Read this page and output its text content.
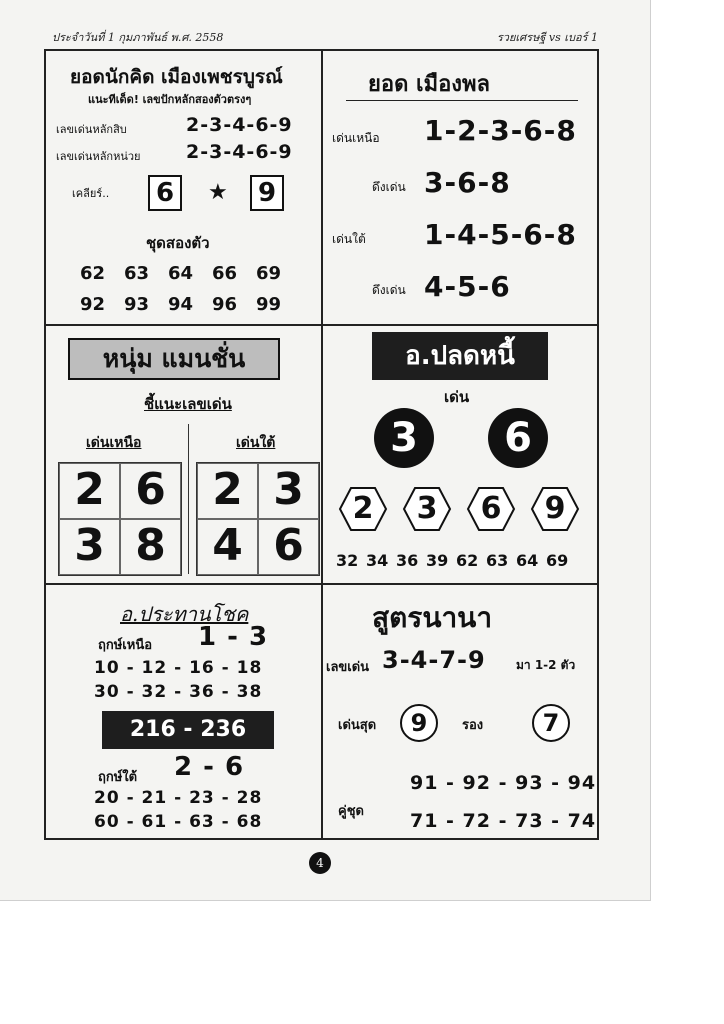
ประจำวันที่ 1 กุมภาพันธ์ พ.ศ. 2558	รวยเศรษฐี vs เบอร์ 1
ยอดนักคิด เมืองเพชรบูรณ์
แนะทีเด็ด! เลขปักหลักสองตัวตรงๆ
เลขเด่นหลักสิบ	2-3-4-6-9
เลขเด่นหลักหน่วย 2-3-4-6-9
เคลียร์..	6	★	9
ชุดสองตัว
62 63 64 66 69
92 93 94 96 99
ยอด เมืองพล
เด่นเหนือ 1-2-3-6-8
ดึงเด่น 3-6-8
เด่นใต้ 1-4-5-6-8
ดึงเด่น 4-5-6
หนุ่ม แมนชั่น
ชี้แนะเลขเด่น
เด่นเหนือ	เด่นใต้
2 6
3 8
2 3
4 6
อ.ปลดหนี้
เด่น
3	6
2	3	6	9
32 34 36 39 62 63 64 69
อ.ประทานโชค
ฤกษ์เหนือ 1 - 3
10 - 12 - 16 - 18
30 - 32 - 36 - 38
216 - 236
ฤกษ์ใต้ 2 - 6
20 - 21 - 23 - 28
60 - 61 - 63 - 68
สูตรนานา
เลขเด่น 3-4-7-9	มา 1-2 ตัว
เด่นสุด	9	รอง	7
คู่ชุด
91 - 92 - 93 - 94
71 - 72 - 73 - 74
4
